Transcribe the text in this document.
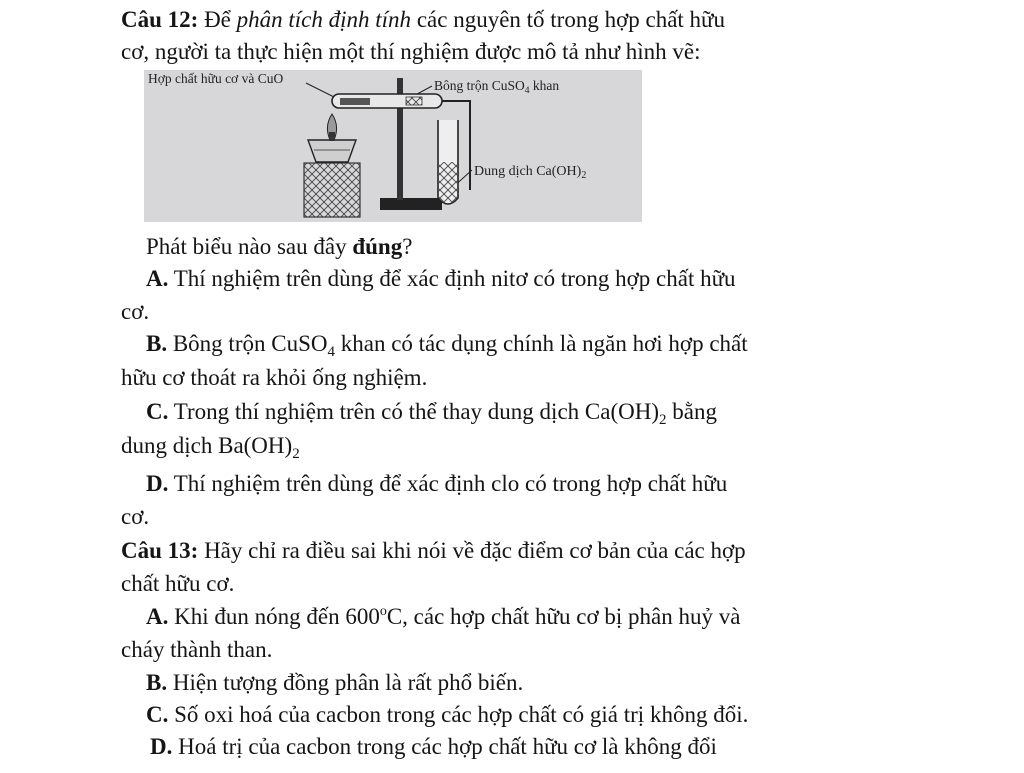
Câu 12: Để phân tích định tính các nguyên tố trong hợp chất hữu
cơ, người ta thực hiện một thí nghiệm được mô tả như hình vẽ:
Hợp chất hữu cơ và CuO	Bông trộn CuSO$_4$ khan
Dung dịch $Ca(OH)_2$
Phát biểu nào sau đây đúng?
A. Thí nghiệm trên dùng để xác định nitơ có trong hợp chất hữu
cơ.
B. Bông trộn CuSO$_4$ khan có tác dụng chính là ngăn hơi hợp chất
hữu cơ thoát ra khỏi ống nghiệm.
C. Trong thí nghiệm trên có thể thay dung dịch $Ca(OH)_2$ bằng
dung dịch $Ba(OH)_2$
D. Thí nghiệm trên dùng để xác định clo có trong hợp chất hữu
cơ.
Câu 13: Hãy chỉ ra điều sai khi nói về đặc điểm cơ bản của các hợp
chất hữu cơ.
A. Khi đun nóng đến 600$^o$C, các hợp chất hữu cơ bị phân huỷ và
cháy thành than.
B. Hiện tượng đồng phân là rất phổ biến.
C. Số oxi hoá của cacbon trong các hợp chất có giá trị không đổi.
D. Hoá trị của cacbon trong các hợp chất hữu cơ là không đổi
